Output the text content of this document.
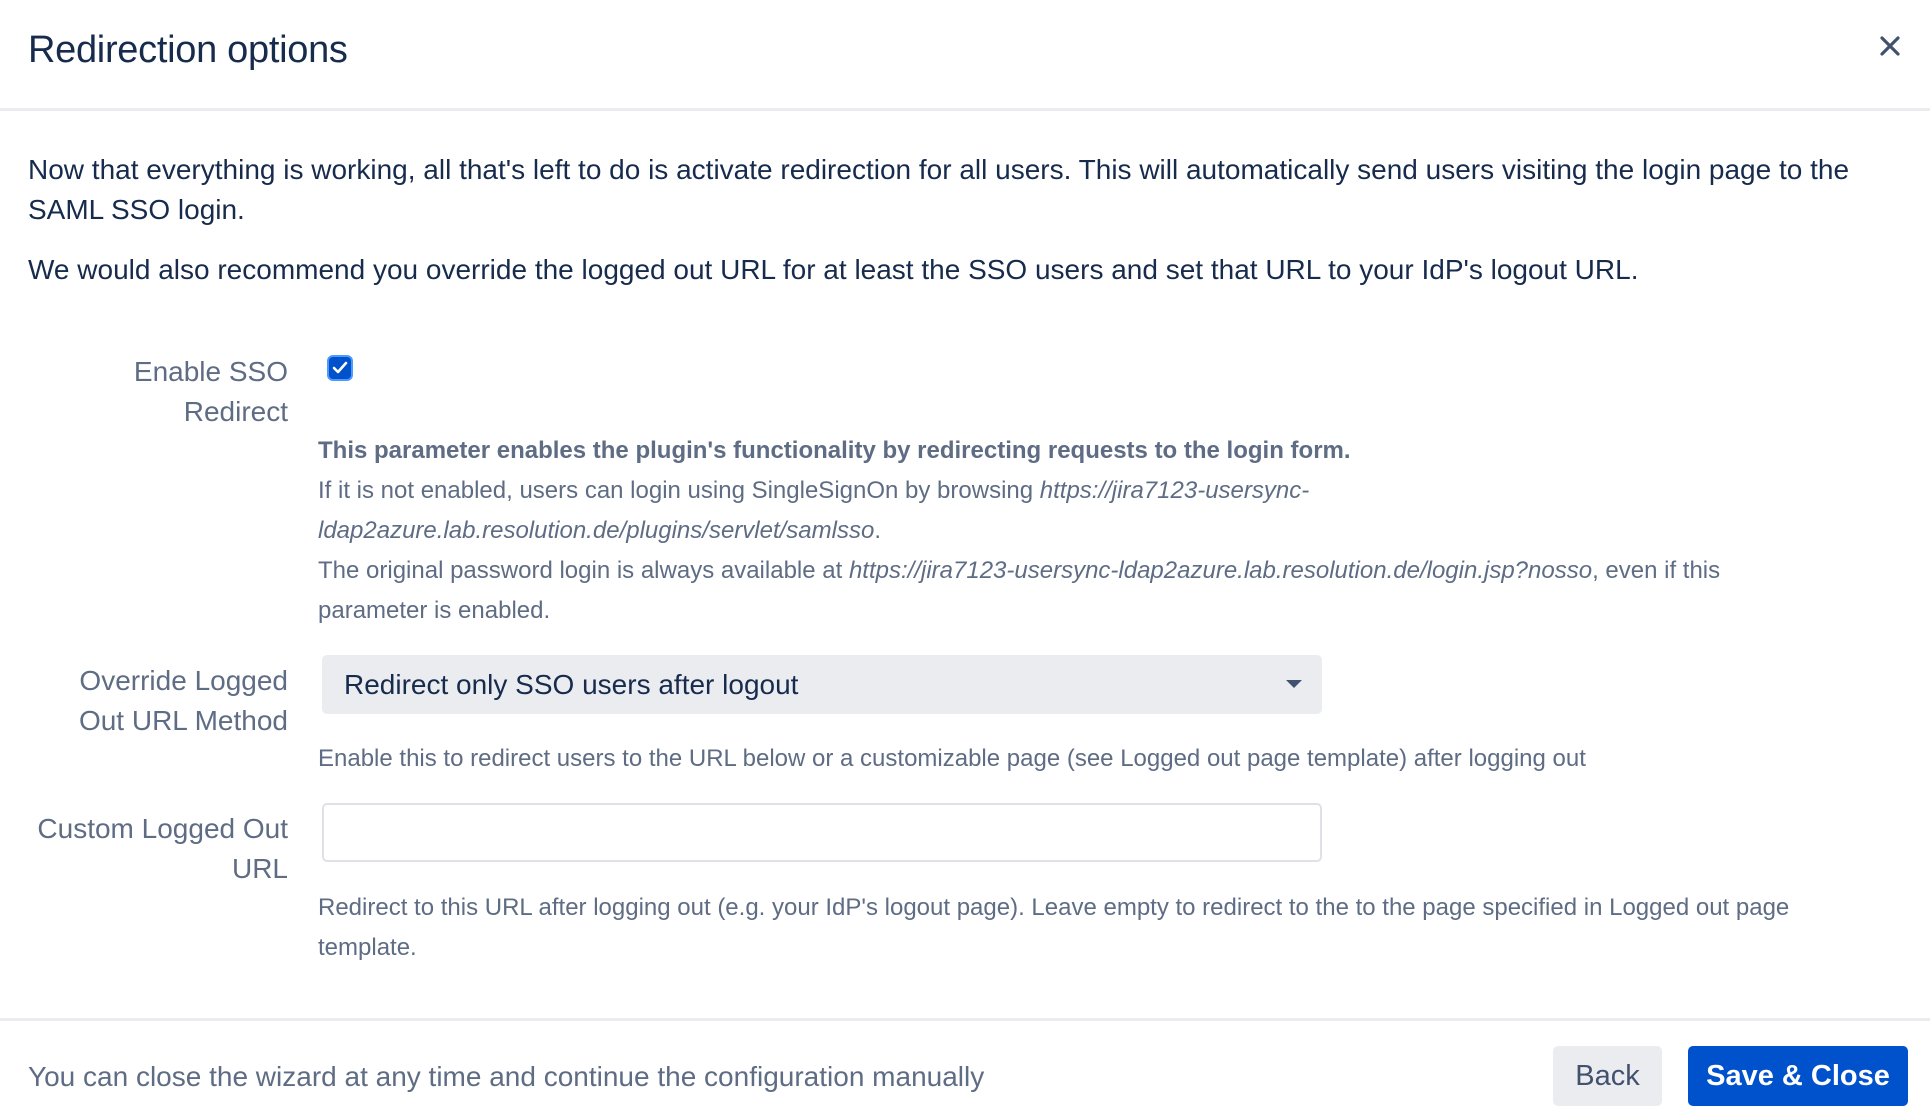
Redirection options

Now that everything is working, all that's left to do is activate redirection for all users. This will automatically send users visiting the login page to the SAML SSO login.

We would also recommend you override the logged out URL for at least the SSO users and set that URL to your IdP's logout URL.

Enable SSO
Redirect
This parameter enables the plugin's functionality by redirecting requests to the login form.
If it is not enabled, users can login using SingleSignOn by browsing https://jira7123-usersync-
ldap2azure.lab.resolution.de/plugins/servlet/samlsso.
The original password login is always available at https://jira7123-usersync-ldap2azure.lab.resolution.de/login.jsp?nosso, even if this
parameter is enabled.
Override Logged
Out URL Method
Redirect only SSO users after logout
Enable this to redirect users to the URL below or a customizable page (see Logged out page template) after logging out
Custom Logged Out
URL
Redirect to this URL after logging out (e.g. your IdP's logout page). Leave empty to redirect to the to the page specified in Logged out page
template.
You can close the wizard at any time and continue the configuration manually	Back	Save & Close
